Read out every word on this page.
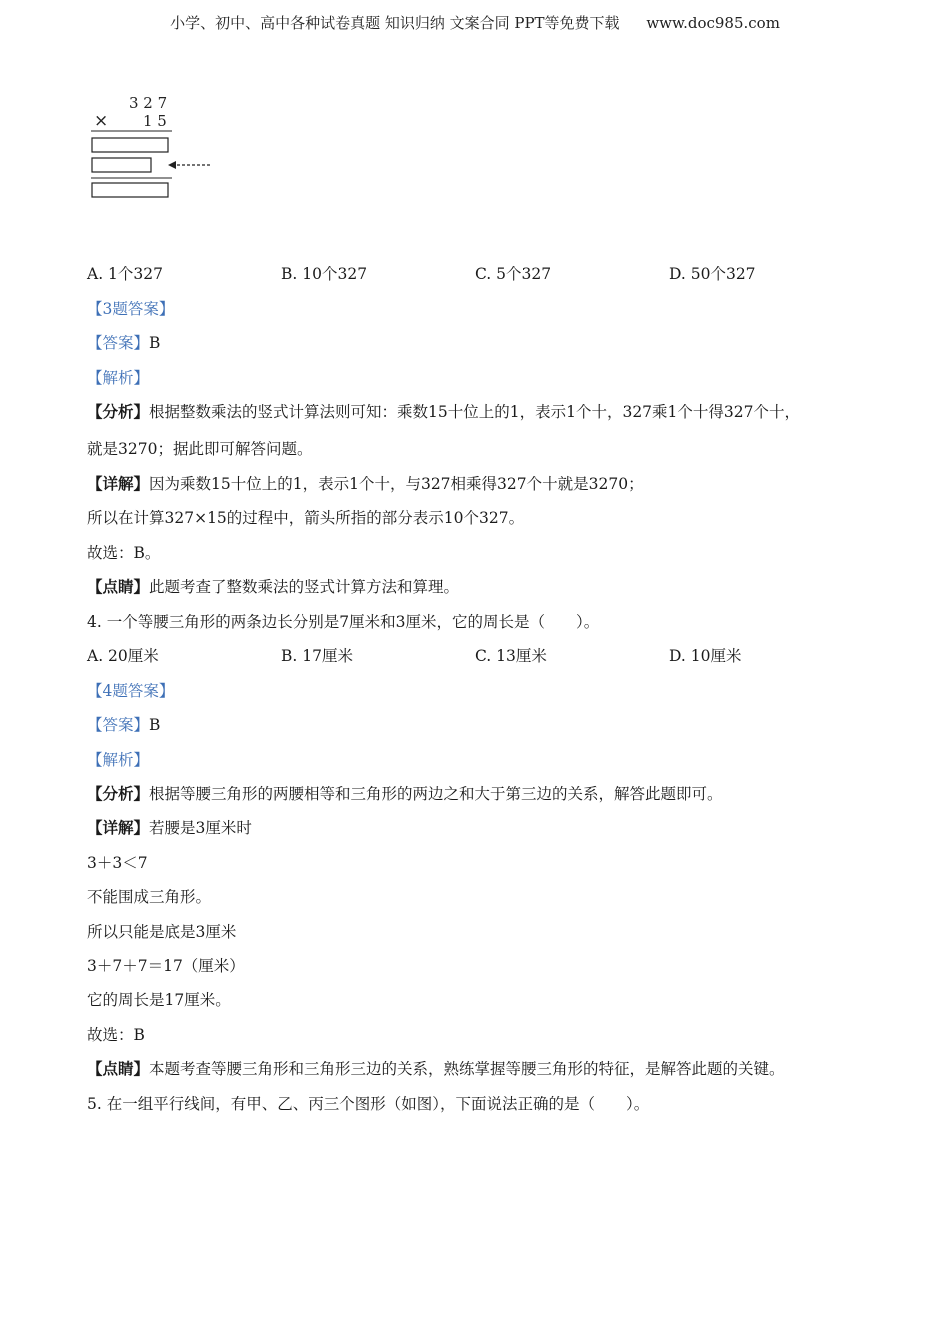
小学、初中、高中各种试卷真题 知识归纳 文案合同 PPT等免费下载 www.doc985.com
3 2 7
× 1 5
A. 1个327	B. 10个327	C. 5个327	D. 50个327
【3题答案】
【答案】B
【解析】
【分析】根据整数乘法的竖式计算法则可知：乘数15十位上的1，表示1个十，327乘1个十得327个十，
就是3270；据此即可解答问题。
【详解】因为乘数15十位上的1，表示1个十，与327相乘得327个十就是3270；
所以在计算327×15的过程中，箭头所指的部分表示10个327。
故选：B。
【点睛】此题考查了整数乘法的竖式计算方法和算理。
4. 一个等腰三角形的两条边长分别是7厘米和3厘米，它的周长是（　　）。
A. 20厘米	B. 17厘米	C. 13厘米	D. 10厘米
【4题答案】
【答案】B
【解析】
【分析】根据等腰三角形的两腰相等和三角形的两边之和大于第三边的关系，解答此题即可。
【详解】若腰是3厘米时
3＋3＜7
不能围成三角形。
所以只能是底是3厘米
3＋7＋7＝17（厘米）
它的周长是17厘米。
故选：B
【点睛】本题考查等腰三角形和三角形三边的关系，熟练掌握等腰三角形的特征，是解答此题的关键。
5. 在一组平行线间，有甲、乙、丙三个图形（如图），下面说法正确的是（　　）。
